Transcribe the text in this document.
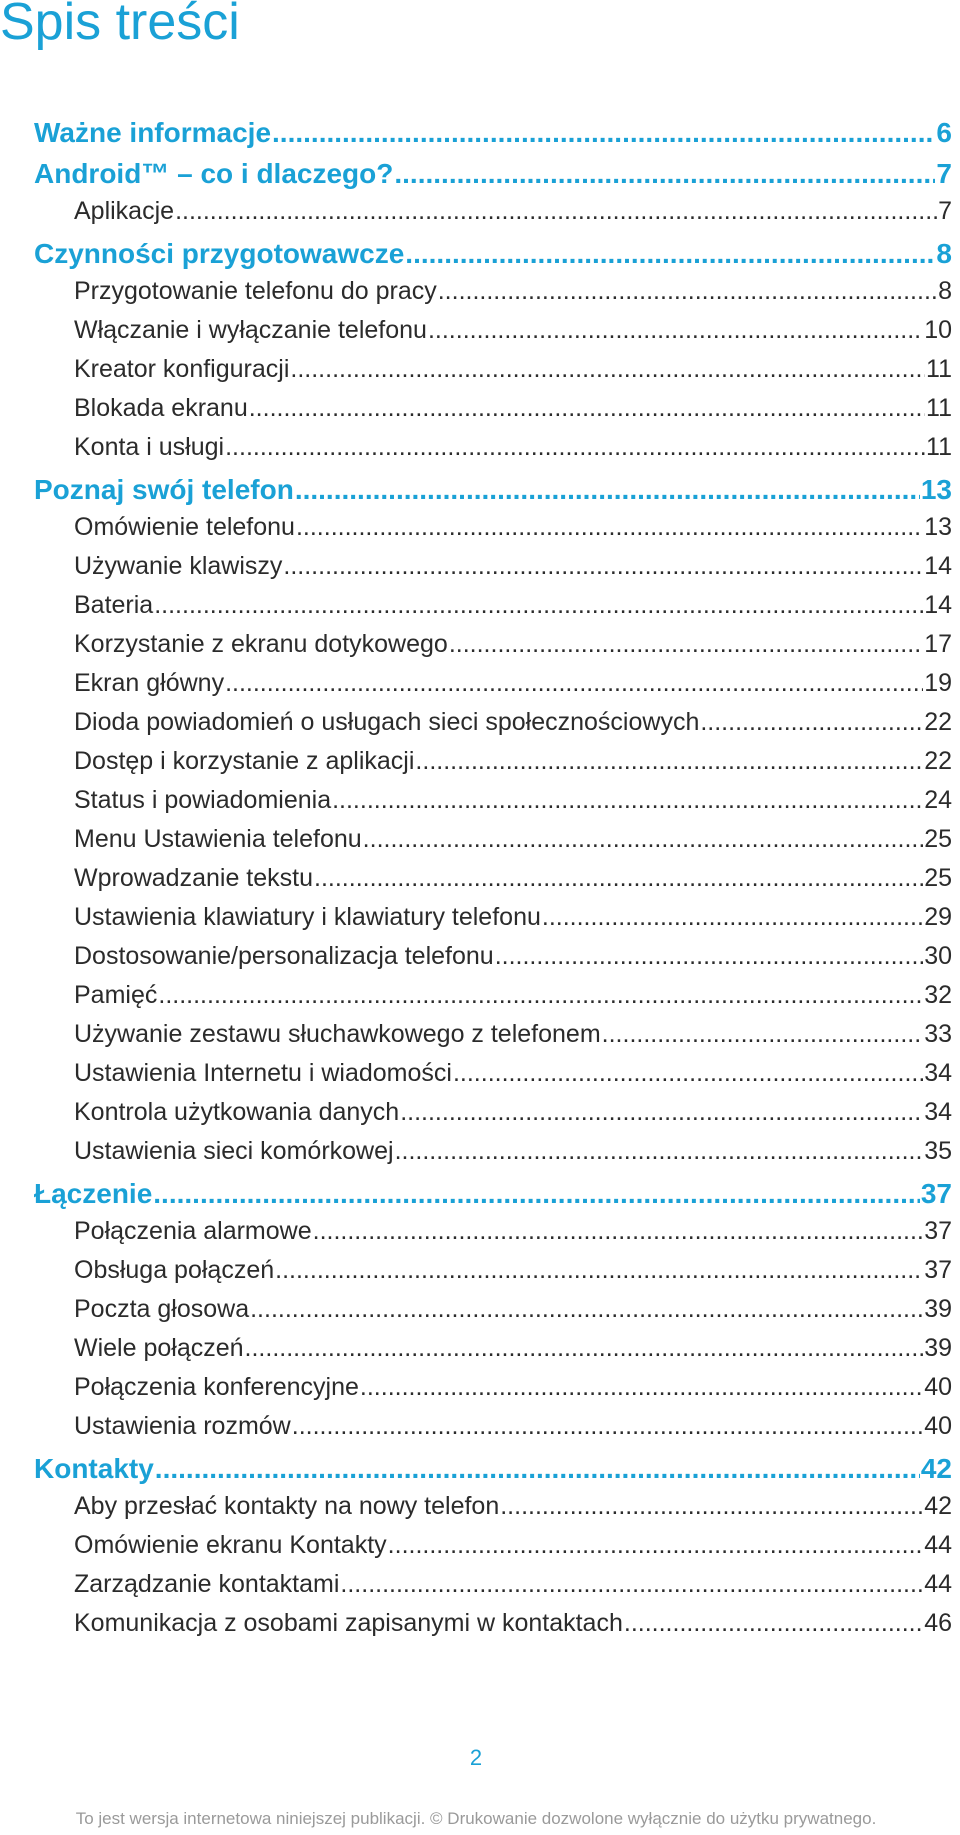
Spis treści
Ważne informacje .....	6
Android™ – co i dlaczego? .....	7
Aplikacje .....	7
Czynności przygotowawcze .....	8
Przygotowanie telefonu do pracy .....	8
Włączanie i wyłączanie telefonu .....	10
Kreator konfiguracji .....	11
Blokada ekranu .....	11
Konta i usługi .....	11
Poznaj swój telefon .....	13
Omówienie telefonu .....	13
Używanie klawiszy .....	14
Bateria .....	14
Korzystanie z ekranu dotykowego .....	17
Ekran główny .....	19
Dioda powiadomień o usługach sieci społecznościowych .....	22
Dostęp i korzystanie z aplikacji .....	22
Status i powiadomienia .....	24
Menu Ustawienia telefonu .....	25
Wprowadzanie tekstu .....	25
Ustawienia klawiatury i klawiatury telefonu .....	29
Dostosowanie/personalizacja telefonu .....	30
Pamięć .....	32
Używanie zestawu słuchawkowego z telefonem .....	33
Ustawienia Internetu i wiadomości .....	34
Kontrola użytkowania danych .....	34
Ustawienia sieci komórkowej .....	35
Łączenie .....	37
Połączenia alarmowe .....	37
Obsługa połączeń .....	37
Poczta głosowa .....	39
Wiele połączeń .....	39
Połączenia konferencyjne .....	40
Ustawienia rozmów .....	40
Kontakty .....	42
Aby przesłać kontakty na nowy telefon .....	42
Omówienie ekranu Kontakty .....	44
Zarządzanie kontaktami .....	44
Komunikacja z osobami zapisanymi w kontaktach .....	46
2
To jest wersja internetowa niniejszej publikacji. © Drukowanie dozwolone wyłącznie do użytku prywatnego.
